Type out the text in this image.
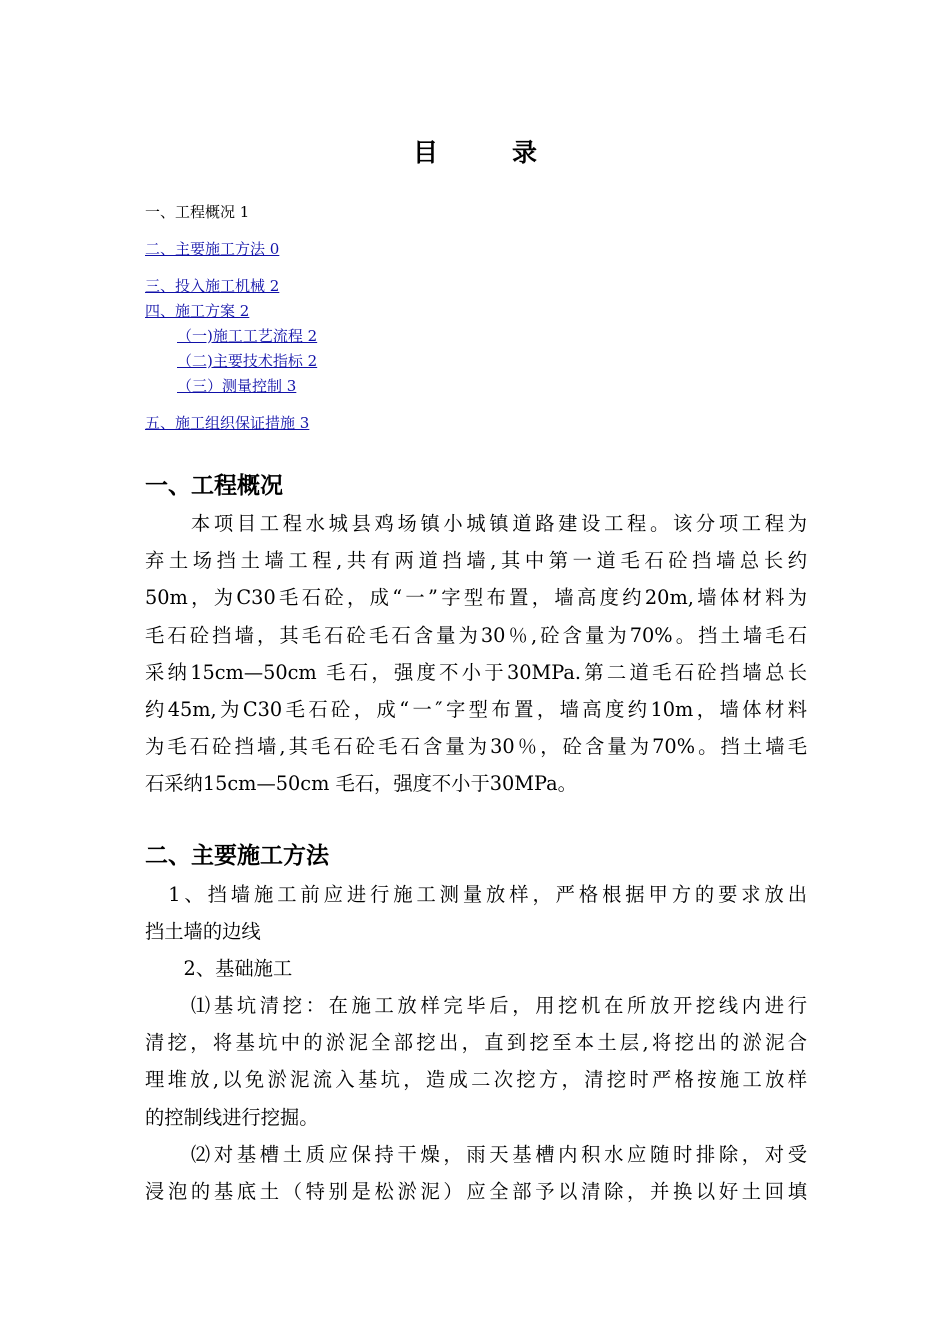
目	录
一、工程概况 1
二、主要施工方法 0
三、投入施工机械 2
四、施工方案 2
（一)施工工艺流程 2
（二)主要技术指标 2
（三）测量控制 3
五、施工组织保证措施 3
一、工程概况
　　本项目工程水城县鸡场镇小城镇道路建设工程。该分项工程为
弃土场挡土墙工程,共有两道挡墙,其中第一道毛石砼挡墙总长约
50m，为C30毛石砼，成“一”字型布置，墙高度约20m,墙体材料为
毛石砼挡墙，其毛石砼毛石含量为30％,砼含量为70%。挡土墙毛石
采纳15cm—50cm 毛石，强度不小于30MPa.第二道毛石砼挡墙总长
约45m,为C30毛石砼，成“一″字型布置，墙高度约10m，墙体材料
为毛石砼挡墙,其毛石砼毛石含量为30％，砼含量为70%。挡土墙毛
石采纳15cm—50cm 毛石，强度不小于30MPa。
二、主要施工方法
　1、挡墙施工前应进行施工测量放样，严格根据甲方的要求放出
挡土墙的边线
　　2、基础施工
　　⑴基坑清挖：在施工放样完毕后，用挖机在所放开挖线内进行
清挖，将基坑中的淤泥全部挖出，直到挖至本土层,将挖出的淤泥合
理堆放,以免淤泥流入基坑，造成二次挖方，清挖时严格按施工放样
的控制线进行挖掘。
　　⑵对基槽土质应保持干燥，雨天基槽内积水应随时排除，对受
浸泡的基底土（特别是松淤泥）应全部予以清除，并换以好土回填
